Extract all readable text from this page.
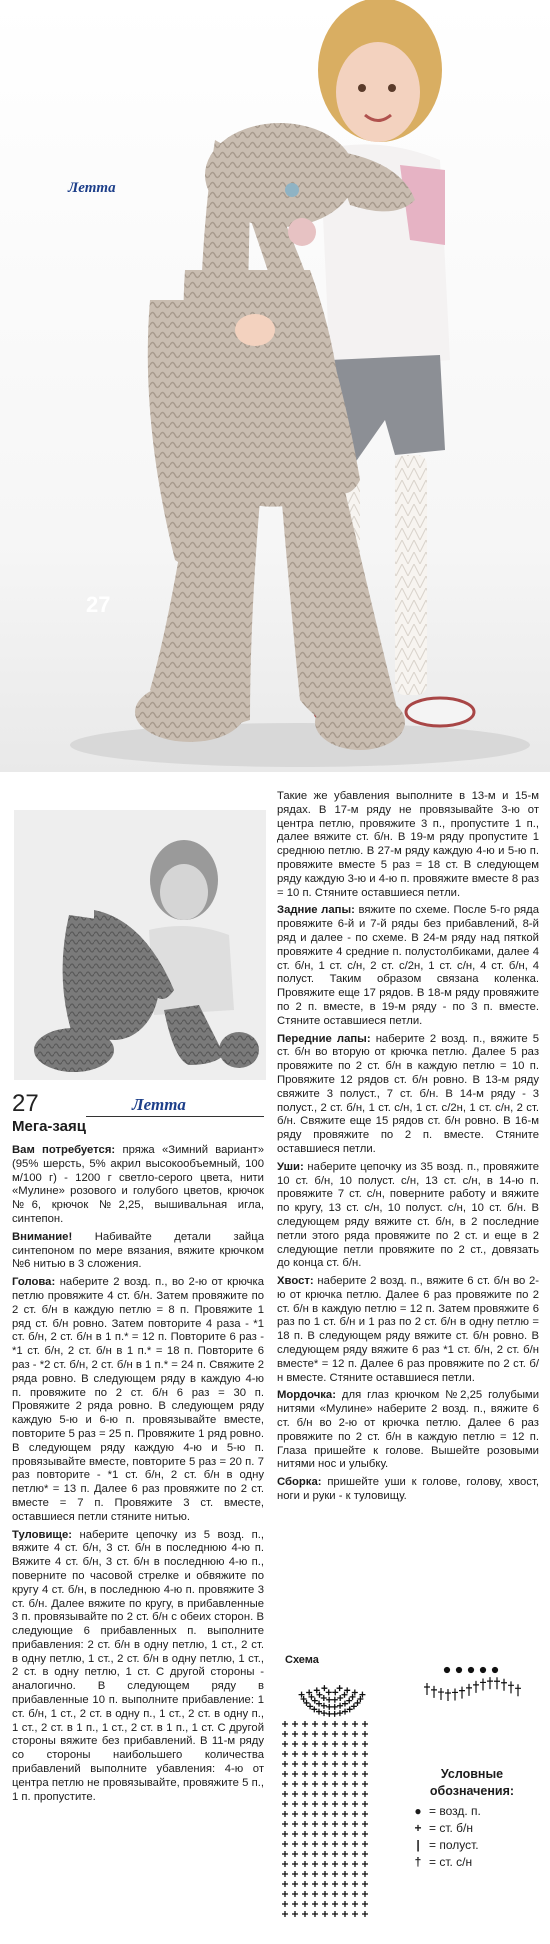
Летта
27
27	Летта
Мега-заяц

Вам потребуется: пряжа «Зимний вариант» (95% шерсть, 5% акрил высокообъемный, 100 м/100 г) - 1200 г светло-серого цвета, нити «Мулине» розового и голубого цветов, крючок №6, крючок №2,25, вышивальная игла, синтепон.

Внимание! Набивайте детали зайца синтепоном по мере вязания, вяжите крючком №6 нитью в 3 сложения.

Голова: наберите 2 возд. п., во 2-ю от крючка петлю провяжите 4 ст. б/н. Затем провяжите по 2 ст. б/н в каждую петлю = 8 п. Провяжите 1 ряд ст. б/н ровно. Затем повторите 4 раза - *1 ст. б/н, 2 ст. б/н в 1 п.* = 12 п. Повторите 6 раз - *1 ст. б/н, 2 ст. б/н в 1 п.* = 18 п. Повторите 6 раз - *2 ст. б/н, 2 ст. б/н в 1 п.* = 24 п. Свяжите 2 ряда ровно. В следующем ряду в каждую 4-ю п. провяжите по 2 ст. б/н 6 раз = 30 п. Провяжите 2 ряда ровно. В следующем ряду каждую 5-ю и 6-ю п. провязывайте вместе, повторите 5 раз = 25 п. Провяжите 1 ряд ровно. В следующем ряду каждую 4-ю и 5-ю п. провязывайте вместе, повторите 5 раз = 20 п. 7 раз повторите - *1 ст. б/н, 2 ст. б/н в одну петлю* = 13 п. Далее 6 раз провяжите по 2 ст. вместе = 7 п. Провяжите 3 ст. вместе, оставшиеся петли стяните нитью.

Туловище: наберите цепочку из 5 возд. п., вяжите 4 ст. б/н, 3 ст. б/н в последнюю 4-ю п. Вяжите 4 ст. б/н, 3 ст. б/н в последнюю 4-ю п., поверните по часовой стрелке и обвяжите по кругу 4 ст. б/н, в последнюю 4-ю п. провяжите 3 ст. б/н. Далее вяжите по кругу, в прибавленные 3 п. провязывайте по 2 ст. б/н с обеих сторон. В следующие 6 прибавленных п. выполните прибавления: 2 ст. б/н в одну петлю, 1 ст., 2 ст. в одну петлю, 1 ст., 2 ст. б/н в одну петлю, 1 ст., 2 ст. в одну петлю, 1 ст. С другой стороны - аналогично. В следующем ряду в прибавленные 10 п. выполните прибавление: 1 ст. б/н, 1 ст., 2 ст. в одну п., 1 ст., 2 ст. в одну п., 1 ст., 2 ст. в 1 п., 1 ст., 2 ст. в 1 п., 1 ст. С другой стороны вяжите без прибавлений. В 11-м ряду со стороны наибольшего количества прибавлений выполните убавления: 4-ю от центра петлю не провязывайте, провяжите 5 п., 1 п. пропустите.

Такие же убавления выполните в 13-м и 15-м рядах. В 17-м ряду не провязывайте 3-ю от центра петлю, провяжите 3 п., пропустите 1 п., далее вяжите ст. б/н. В 19-м ряду пропустите 1 среднюю петлю. В 27-м ряду каждую 4-ю и 5-ю п. провяжите вместе 5 раз = 18 ст. В следующем ряду каждую 3-ю и 4-ю п. провяжите вместе 8 раз = 10 п. Стяните оставшиеся петли.

Задние лапы: вяжите по схеме. После 5-го ряда провяжите 6-й и 7-й ряды без прибавлений, 8-й ряд и далее - по схеме. В 24-м ряду над пяткой провяжите 4 средние п. полустолбиками, далее 4 ст. б/н, 1 ст. с/н, 2 ст. с/2н, 1 ст. с/н, 4 ст. б/н, 4 полуст. Таким образом связана коленка. Провяжите еще 17 рядов. В 18-м ряду провяжите по 2 п. вместе, в 19-м ряду - по 3 п. вместе. Стяните оставшиеся петли.

Передние лапы: наберите 2 возд. п., вяжите 5 ст. б/н во вторую от крючка петлю. Далее 5 раз провяжите по 2 ст. б/н в каждую петлю = 10 п. Провяжите 12 рядов ст. б/н ровно. В 13-м ряду свяжите 3 полуст., 7 ст. б/н. В 14-м ряду - 3 полуст., 2 ст. б/н, 1 ст. с/н, 1 ст. с/2н, 1 ст. с/н, 2 ст. б/н. Свяжите еще 15 рядов ст. б/н ровно. В 16-м ряду провяжите по 2 п. вместе. Стяните оставшиеся петли.

Уши: наберите цепочку из 35 возд. п., провяжите 10 ст. б/н, 10 полуст. с/н, 13 ст. с/н, в 14-ю п. провяжите 7 ст. с/н, поверните работу и вяжите по кругу, 13 ст. с/н, 10 полуст. с/н, 10 ст. б/н. В следующем ряду вяжите ст. б/н, в 2 последние петли этого ряда провяжите по 2 ст. и еще в 2 следующие петли провяжите по 2 ст., довязать до конца ст. б/н.

Хвост: наберите 2 возд. п., вяжите 6 ст. б/н во 2-ю от крючка петлю. Далее 6 раз провяжите по 2 ст. б/н в каждую петлю = 12 п. Затем провяжите 6 раз по 1 ст. б/н и 1 раз по 2 ст. б/н в одну петлю = 18 п. В следующем ряду вяжите ст. б/н ровно. В следующем ряду вяжите 6 раз *1 ст. б/н, 2 ст. б/н вместе* = 12 п. Далее 6 раз провяжите по 2 ст. б/н вместе. Стяните оставшиеся петли.

Мордочка: для глаз крючком №2,25 голубыми нитями «Мулине» наберите 2 возд. п., вяжите 6 ст. б/н во 2-ю от крючка петлю. Далее 6 раз провяжите по 2 ст. б/н в каждую петлю = 12 п. Глаза пришейте к голове. Вышейте розовыми нитями нос и улыбку.

Сборка: пришейте уши к голове, голову, хвост, ноги и руки - к туловищу.

Схема
Условные обозначения:
● = возд. п.
+ = ст. б/н
| = полуст.
† = ст. с/н
